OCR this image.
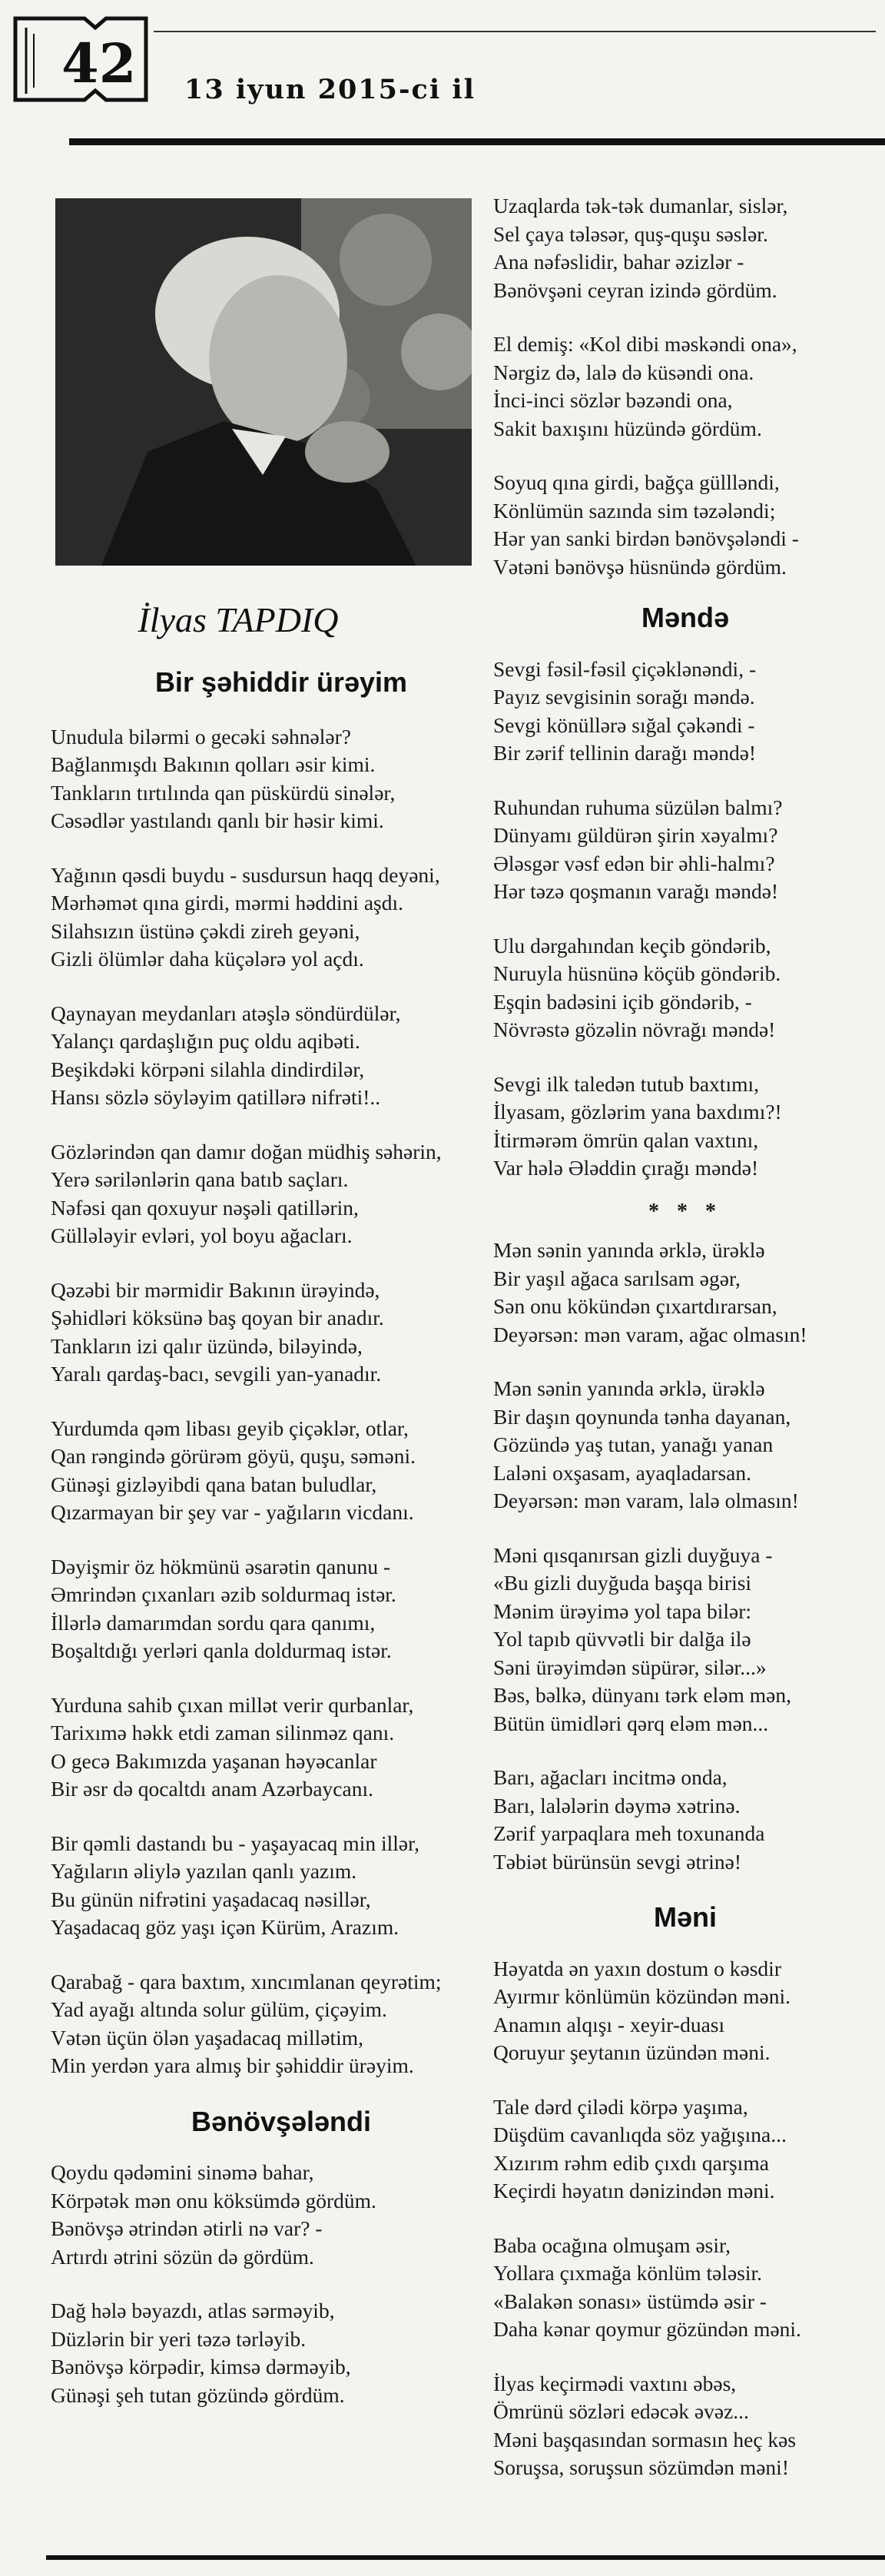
42 13 iyun 2015-ci il
İlyas TAPDIQ
Bir şəhiddir ürəyim
Unudula bilərmi o gecəki səhnələr?
Bağlanmışdı Bakının qolları əsir kimi.
Tankların tırtılında qan püskürdü sinələr,
Cəsədlər yastılandı qanlı bir həsir kimi.
Yağının qəsdi buydu - susdursun haqq deyəni,
Mərhəmət qına girdi, mərmi həddini aşdı.
Silahsızın üstünə çəkdi zireh geyəni,
Gizli ölümlər daha küçələrə yol açdı.
Qaynayan meydanları atəşlə söndürdülər,
Yalançı qardaşlığın puç oldu aqibəti.
Beşikdəki körpəni silahla dindirdilər,
Hansı sözlə söyləyim qatillərə nifrəti!..
Gözlərindən qan damır doğan müdhiş səhərin,
Yerə sərilənlərin qana batıb saçları.
Nəfəsi qan qoxuyur nəşəli qatillərin,
Güllələyir evləri, yol boyu ağacları.
Qəzəbi bir mərmidir Bakının ürəyində,
Şəhidləri köksünə baş qoyan bir anadır.
Tankların izi qalır üzündə, biləyində,
Yaralı qardaş-bacı, sevgili yan-yanadır.
Yurdumda qəm libası geyib çiçəklər, otlar,
Qan rəngində görürəm göyü, quşu, səməni.
Günəşi gizləyibdi qana batan buludlar,
Qızarmayan bir şey var - yağıların vicdanı.
Dəyişmir öz hökmünü əsarətin qanunu -
Əmrindən çıxanları əzib soldurmaq istər.
İllərlə damarımdan sordu qara qanımı,
Boşaltdığı yerləri qanla doldurmaq istər.
Yurduna sahib çıxan millət verir qurbanlar,
Tarixımə həkk etdi zaman silinməz qanı.
O gecə Bakımızda yaşanan həyəcanlar
Bir əsr də qocaltdı anam Azərbaycanı.
Bir qəmli dastandı bu - yaşayacaq min illər,
Yağıların əliylə yazılan qanlı yazım.
Bu günün nifrətini yaşadacaq nəsillər,
Yaşadacaq göz yaşı içən Kürüm, Arazım.
Qarabağ - qara baxtım, xıncımlanan qeyrətim;
Yad ayağı altında solur gülüm, çiçəyim.
Vətən üçün ölən yaşadacaq millətim,
Min yerdən yara almış bir şəhiddir ürəyim.
Bənövşələndi
Qoydu qədəmini sinəmə bahar,
Körpətək mən onu köksümdə gördüm.
Bənövşə ətrindən ətirli nə var? -
Artırdı ətrini sözün də gördüm.
Dağ hələ bəyazdı, atlas sərməyib,
Düzlərin bir yeri təzə tərləyib.
Bənövşə körpədir, kimsə dərməyib,
Günəşi şeh tutan gözündə gördüm.
Uzaqlarda tək-tək dumanlar, sislər,
Sel çaya tələsər, quş-quşu səslər.
Ana nəfəslidir, bahar əzizlər -
Bənövşəni ceyran izində gördüm.
El demiş: «Kol dibi məskəndi ona»,
Nərgiz də, lalə də küsəndi ona.
İnci-inci sözlər bəzəndi ona,
Sakit baxışını hüzündə gördüm.
Soyuq qına girdi, bağça güllləndi,
Könlümün sazında sim təzələndi;
Hər yan sanki birdən bənövşələndi -
Vətəni bənövşə hüsnündə gördüm.
Məndə
Sevgi fəsil-fəsil çiçəklənəndi, -
Payız sevgisinin sorağı məndə.
Sevgi könüllərə sığal çəkəndi -
Bir zərif tellinin darağı məndə!
Ruhundan ruhuma süzülən balmı?
Dünyamı güldürən şirin xəyalmı?
Ələsgər vəsf edən bir əhli-halmı?
Hər təzə qoşmanın varağı məndə!
Ulu dərgahından keçib göndərib,
Nuruyla hüsnünə köçüb göndərib.
Eşqin badəsini içib göndərib, -
Növrəstə gözəlin növrağı məndə!
Sevgi ilk taledən tutub baxtımı,
İlyasam, gözlərim yana baxdımı?!
İtirmərəm ömrün qalan vaxtını,
Var hələ Ələddin çırağı məndə!
* * *
Mən sənin yanında ərklə, ürəklə
Bir yaşıl ağaca sarılsam əgər,
Sən onu kökündən çıxartdırarsan,
Deyərsən: mən varam, ağac olmasın!
Mən sənin yanında ərklə, ürəklə
Bir daşın qoynunda tənha dayanan,
Gözündə yaş tutan, yanağı yanan
Laləni oxşasam, ayaqladarsan.
Deyərsən: mən varam, lalə olmasın!
Məni qısqanırsan gizli duyğuya -
«Bu gizli duyğuda başqa birisi
Mənim ürəyimə yol tapa bilər:
Yol tapıb qüvvətli bir dalğa ilə
Səni ürəyimdən süpürər, silər...»
Bəs, bəlkə, dünyanı tərk eləm mən,
Bütün ümidləri qərq eləm mən...
Barı, ağacları incitmə onda,
Barı, lalələrin dəymə xətrinə.
Zərif yarpaqlara meh toxunanda
Təbiət bürünsün sevgi ətrinə!
Məni
Həyatda ən yaxın dostum o kəsdir
Ayırmır könlümün közündən məni.
Anamın alqışı - xeyir-duası
Qoruyur şeytanın üzündən məni.
Tale dərd çilədi körpə yaşıma,
Düşdüm cavanlıqda söz yağışına...
Xızırım rəhm edib çıxdı qarşıma
Keçirdi həyatın dənizindən məni.
Baba ocağına olmuşam əsir,
Yollara çıxmağa könlüm tələsir.
«Balakən sonası» üstümdə əsir -
Daha kənar qoymur gözündən məni.
İlyas keçirmədi vaxtını əbəs,
Ömrünü sözləri edəcək əvəz...
Məni başqasından sormasın heç kəs
Soruşsa, soruşsun sözümdən məni!
